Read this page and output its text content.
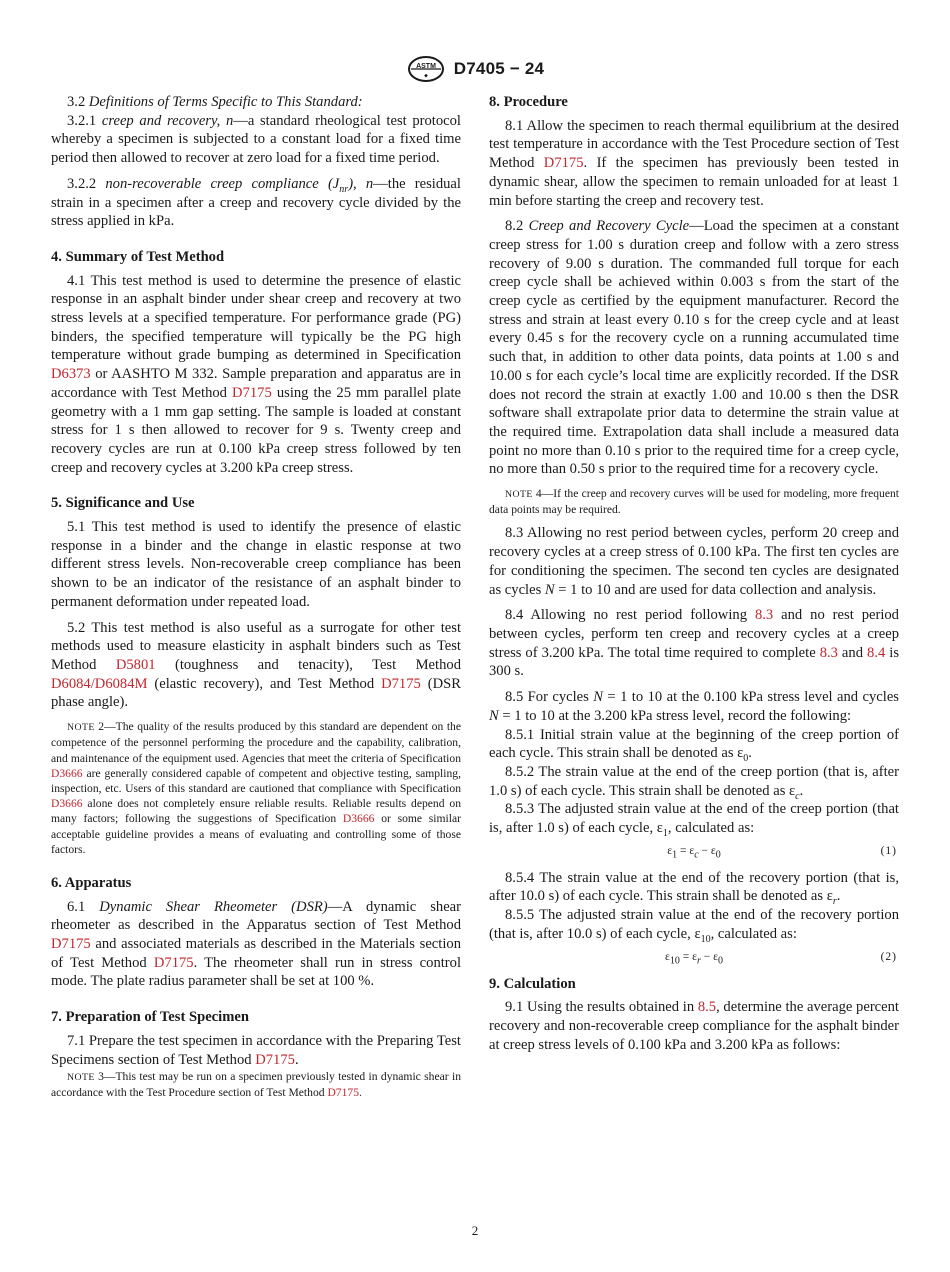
ASTM
⬥ D7405 − 24

3.2 Definitions of Terms Specific to This Standard:

3.2.1 creep and recovery, n—a standard rheological test protocol whereby a specimen is subjected to a constant load for a fixed time period then allowed to recover at zero load for a fixed time period.

3.2.2 non-recoverable creep compliance $(J_{nr})$, n—the residual strain in a specimen after a creep and recovery cycle divided by the stress applied in kPa.

4. Summary of Test Method

4.1 This test method is used to determine the presence of elastic response in an asphalt binder under shear creep and recovery at two stress levels at a specified temperature. For performance grade (PG) binders, the specified temperature will typically be the PG high temperature without grade bumping as determined in Specification D6373 or AASHTO M 332. Sample preparation and apparatus are in accordance with Test Method D7175 using the 25 mm parallel plate geometry with a 1 mm gap setting. The sample is loaded at constant stress for 1 s then allowed to recover for 9 s. Twenty creep and recovery cycles are run at 0.100 kPa creep stress followed by ten creep and recovery cycles at 3.200 kPa creep stress.

5. Significance and Use

5.1 This test method is used to identify the presence of elastic response in a binder and the change in elastic response at two different stress levels. Non-recoverable creep compliance has been shown to be an indicator of the resistance of an asphalt binder to permanent deformation under repeated load.

5.2 This test method is also useful as a surrogate for other test methods used to measure elasticity in asphalt binders such as Test Method D5801 (toughness and tenacity), Test Method D6084/D6084M (elastic recovery), and Test Method D7175 (DSR phase angle).

NOTE 2—The quality of the results produced by this standard are dependent on the competence of the personnel performing the procedure and the capability, calibration, and maintenance of the equipment used. Agencies that meet the criteria of Specification D3666 are generally considered capable of competent and objective testing, sampling, inspection, etc. Users of this standard are cautioned that compliance with Specification D3666 alone does not completely ensure reliable results. Reliable results depend on many factors; following the suggestions of Specification D3666 or some similar acceptable guideline provides a means of evaluating and controlling some of those factors.

6. Apparatus

6.1 Dynamic Shear Rheometer (DSR)—A dynamic shear rheometer as described in the Apparatus section of Test Method D7175 and associated materials as described in the Materials section of Test Method D7175. The rheometer shall run in stress control mode. The plate radius parameter shall be set at 100 %.

7. Preparation of Test Specimen

7.1 Prepare the test specimen in accordance with the Preparing Test Specimens section of Test Method D7175.

NOTE 3—This test may be run on a specimen previously tested in dynamic shear in accordance with the Test Procedure section of Test Method D7175.

8. Procedure

8.1 Allow the specimen to reach thermal equilibrium at the desired test temperature in accordance with the Test Procedure section of Test Method D7175. If the specimen has previously been tested in dynamic shear, allow the specimen to remain unloaded for at least 1 min before starting the creep and recovery test.

8.2 Creep and Recovery Cycle—Load the specimen at a constant creep stress for 1.00 s duration creep and follow with a zero stress recovery of 9.00 s duration. The commanded full torque for each creep cycle shall be achieved within 0.003 s from the start of the creep cycle as certified by the equipment manufacturer. Record the stress and strain at least every 0.10 s for the creep cycle and at least every 0.45 s for the recovery cycle on a running accumulated time such that, in addition to other data points, data points at 1.00 s and 10.00 s for each cycle’s local time are explicitly recorded. If the DSR does not record the strain at exactly 1.00 and 10.00 s then the DSR software shall extrapolate prior data to determine the strain value at the required time. Extrapolation data shall include a measured data point no more than 0.10 s prior to the required time for a creep cycle, no more than 0.50 s prior to the required time for a recovery cycle.

NOTE 4—If the creep and recovery curves will be used for modeling, more frequent data points may be required.

8.3 Allowing no rest period between cycles, perform 20 creep and recovery cycles at a creep stress of 0.100 kPa. The first ten cycles are for conditioning the specimen. The second ten cycles are designated as cycles N = 1 to 10 and are used for data collection and analysis.

8.4 Allowing no rest period following 8.3 and no rest period between cycles, perform ten creep and recovery cycles at a creep stress of 3.200 kPa. The total time required to complete 8.3 and 8.4 is 300 s.

8.5 For cycles N = 1 to 10 at the 0.100 kPa stress level and cycles N = 1 to 10 at the 3.200 kPa stress level, record the following:

8.5.1 Initial strain value at the beginning of the creep portion of each cycle. This strain shall be denoted as $\varepsilon_0$.

8.5.2 The strain value at the end of the creep portion (that is, after 1.0 s) of each cycle. This strain shall be denoted as $\varepsilon_c$.

8.5.3 The adjusted strain value at the end of the creep portion (that is, after 1.0 s) of each cycle, $\varepsilon_1$, calculated as:

$\varepsilon_1 = \varepsilon_c - \varepsilon_0$	(1)

8.5.4 The strain value at the end of the recovery portion (that is, after 10.0 s) of each cycle. This strain shall be denoted as $\varepsilon_r$.

8.5.5 The adjusted strain value at the end of the recovery portion (that is, after 10.0 s) of each cycle, $\varepsilon_{10}$, calculated as:

$\varepsilon_{10} = \varepsilon_r - \varepsilon_0$	(2)
9. Calculation

9.1 Using the results obtained in 8.5, determine the average percent recovery and non-recoverable creep compliance for the asphalt binder at creep stress levels of 0.100 kPa and 3.200 kPa as follows:

2
